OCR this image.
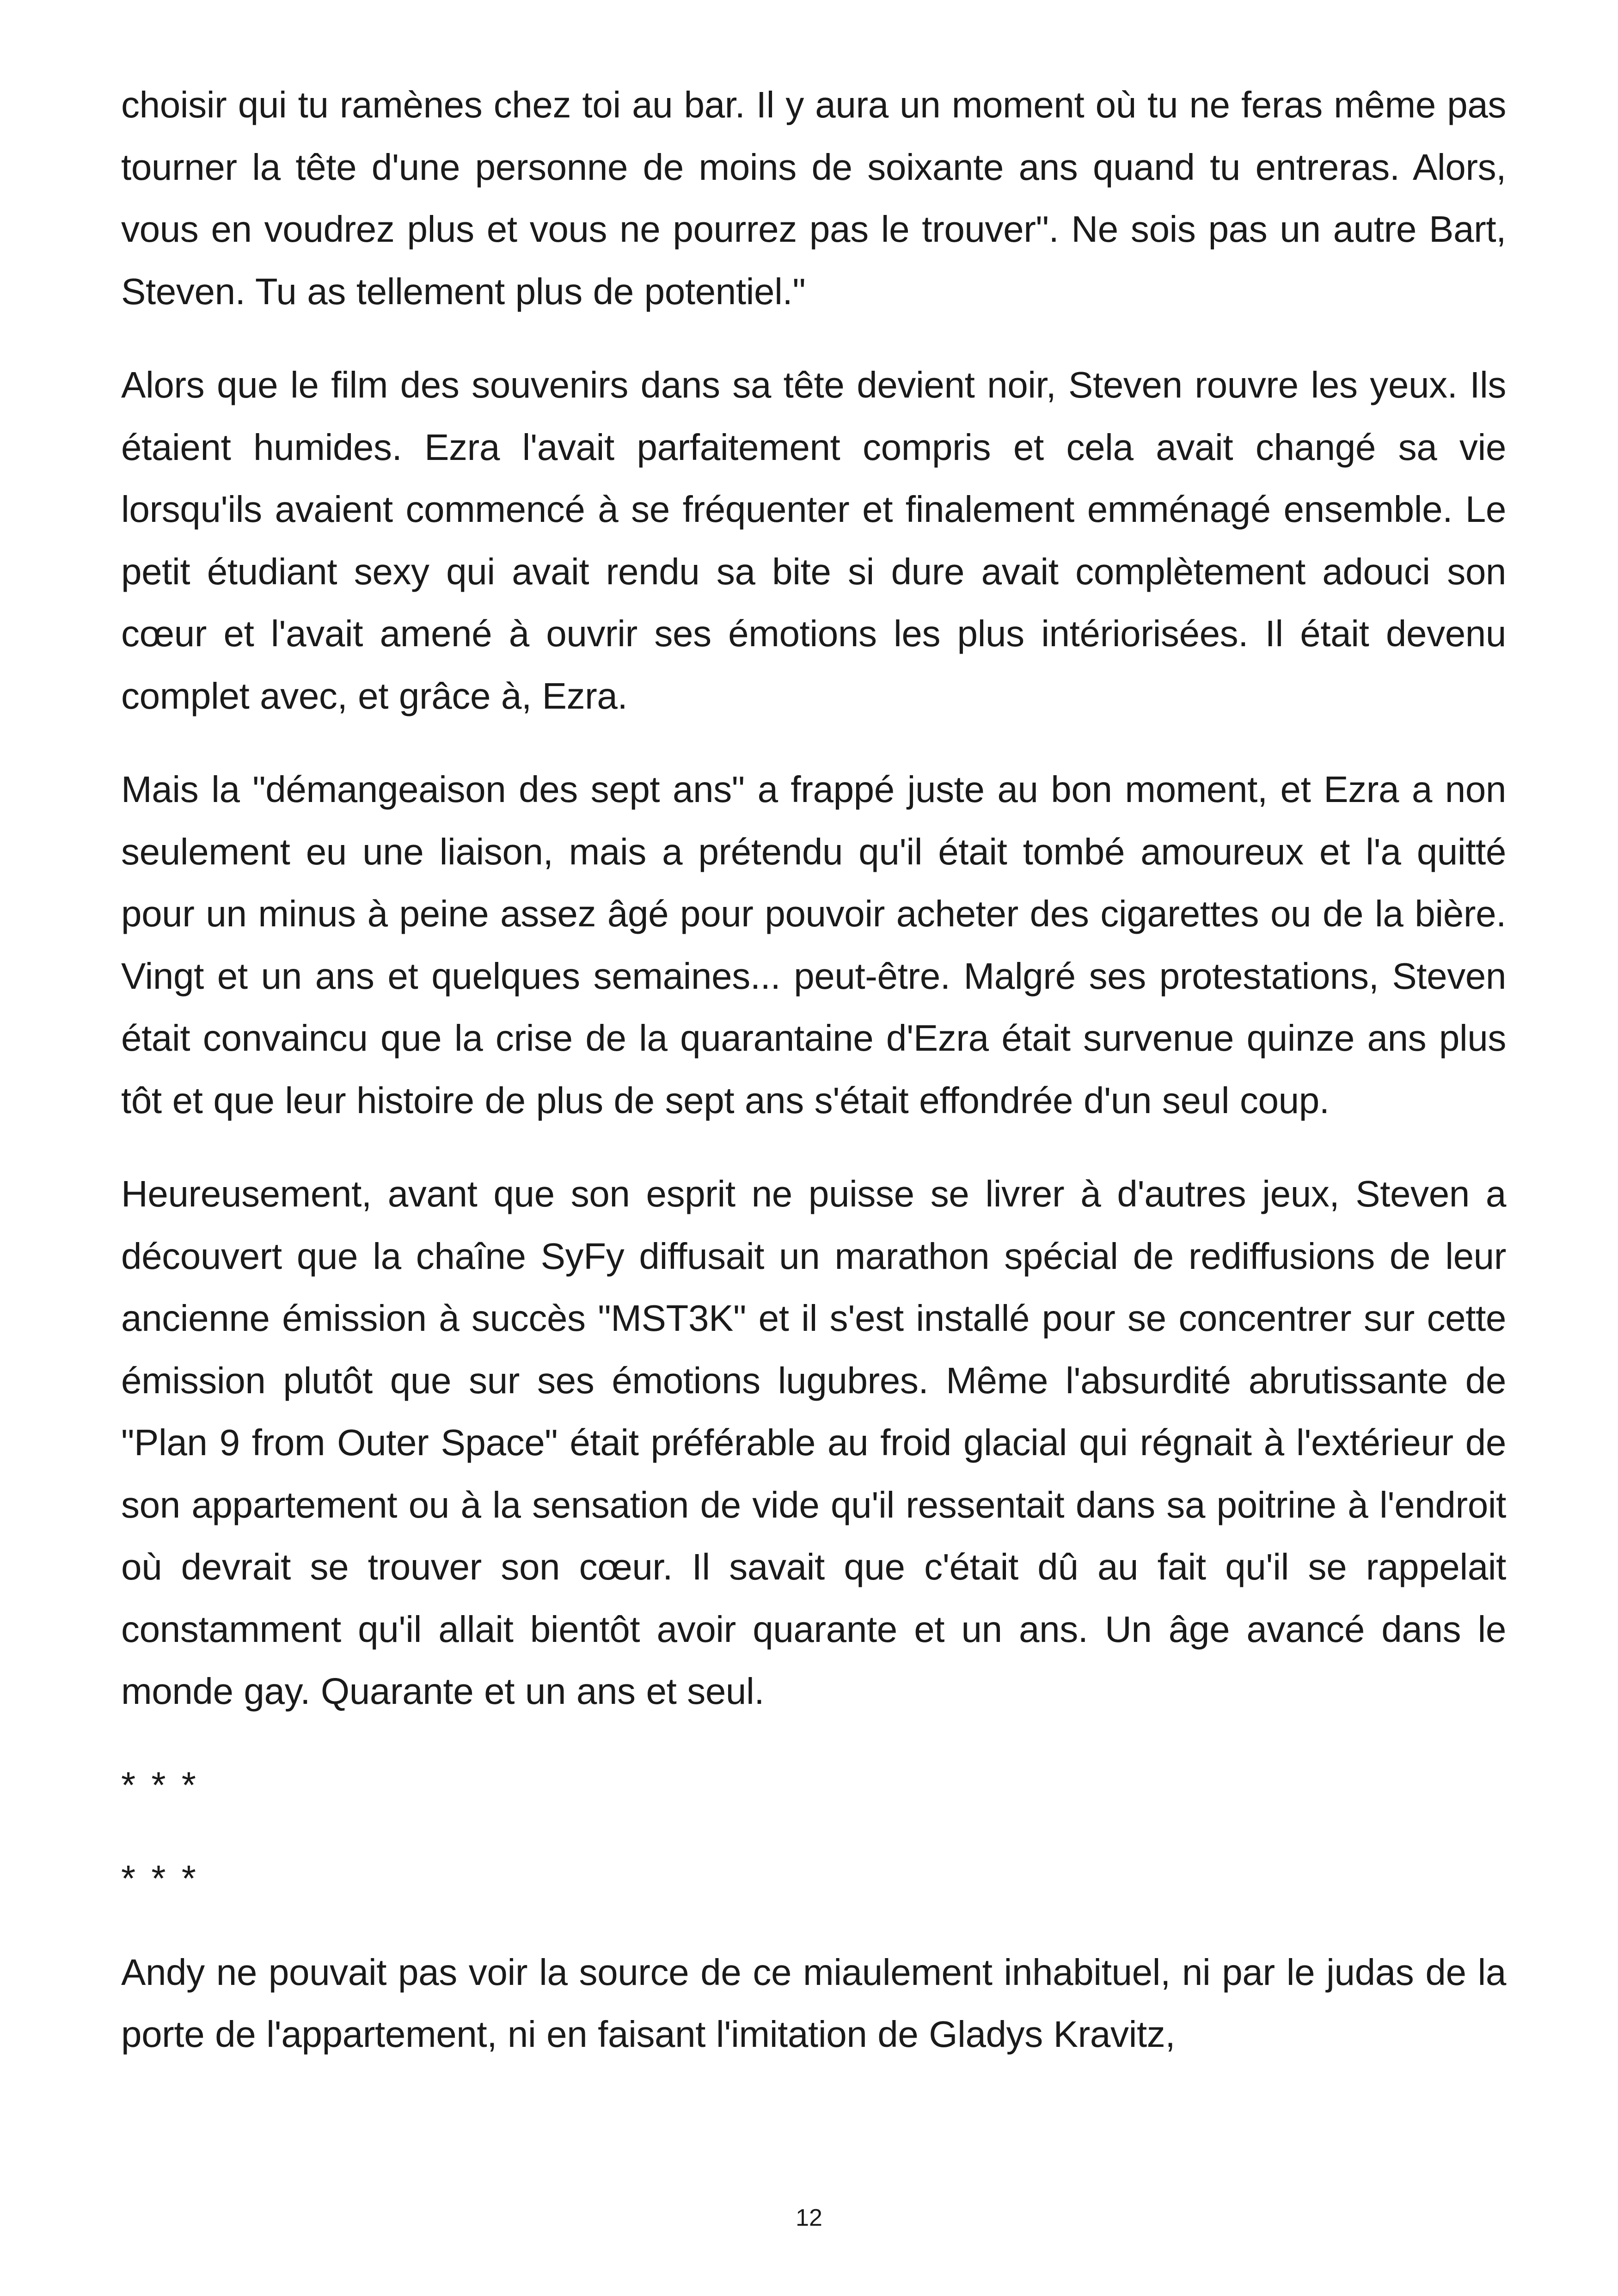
choisir qui tu ramènes chez toi au bar. Il y aura un moment où tu ne feras même pas tourner la tête d'une personne de moins de soixante ans quand tu entreras. Alors, vous en voudrez plus et vous ne pourrez pas le trouver". Ne sois pas un autre Bart, Steven. Tu as tellement plus de potentiel."

Alors que le film des souvenirs dans sa tête devient noir, Steven rouvre les yeux. Ils étaient humides. Ezra l'avait parfaitement compris et cela avait changé sa vie lorsqu'ils avaient commencé à se fréquenter et finalement emménagé ensemble. Le petit étudiant sexy qui avait rendu sa bite si dure avait complètement adouci son cœur et l'avait amené à ouvrir ses émotions les plus intériorisées. Il était devenu complet avec, et grâce à, Ezra.

Mais la "démangeaison des sept ans" a frappé juste au bon moment, et Ezra a non seulement eu une liaison, mais a prétendu qu'il était tombé amoureux et l'a quitté pour un minus à peine assez âgé pour pouvoir acheter des cigarettes ou de la bière. Vingt et un ans et quelques semaines... peut-être. Malgré ses protestations, Steven était convaincu que la crise de la quarantaine d'Ezra était survenue quinze ans plus tôt et que leur histoire de plus de sept ans s'était effondrée d'un seul coup.

Heureusement, avant que son esprit ne puisse se livrer à d'autres jeux, Steven a découvert que la chaîne SyFy diffusait un marathon spécial de rediffusions de leur ancienne émission à succès "MST3K" et il s'est installé pour se concentrer sur cette émission plutôt que sur ses émotions lugubres. Même l'absurdité abrutissante de "Plan 9 from Outer Space" était préférable au froid glacial qui régnait à l'extérieur de son appartement ou à la sensation de vide qu'il ressentait dans sa poitrine à l'endroit où devrait se trouver son cœur. Il savait que c'était dû au fait qu'il se rappelait constamment qu'il allait bientôt avoir quarante et un ans. Un âge avancé dans le monde gay. Quarante et un ans et seul.

* * *

* * *

Andy ne pouvait pas voir la source de ce miaulement inhabituel, ni par le judas de la porte de l'appartement, ni en faisant l'imitation de Gladys Kravitz,

12
